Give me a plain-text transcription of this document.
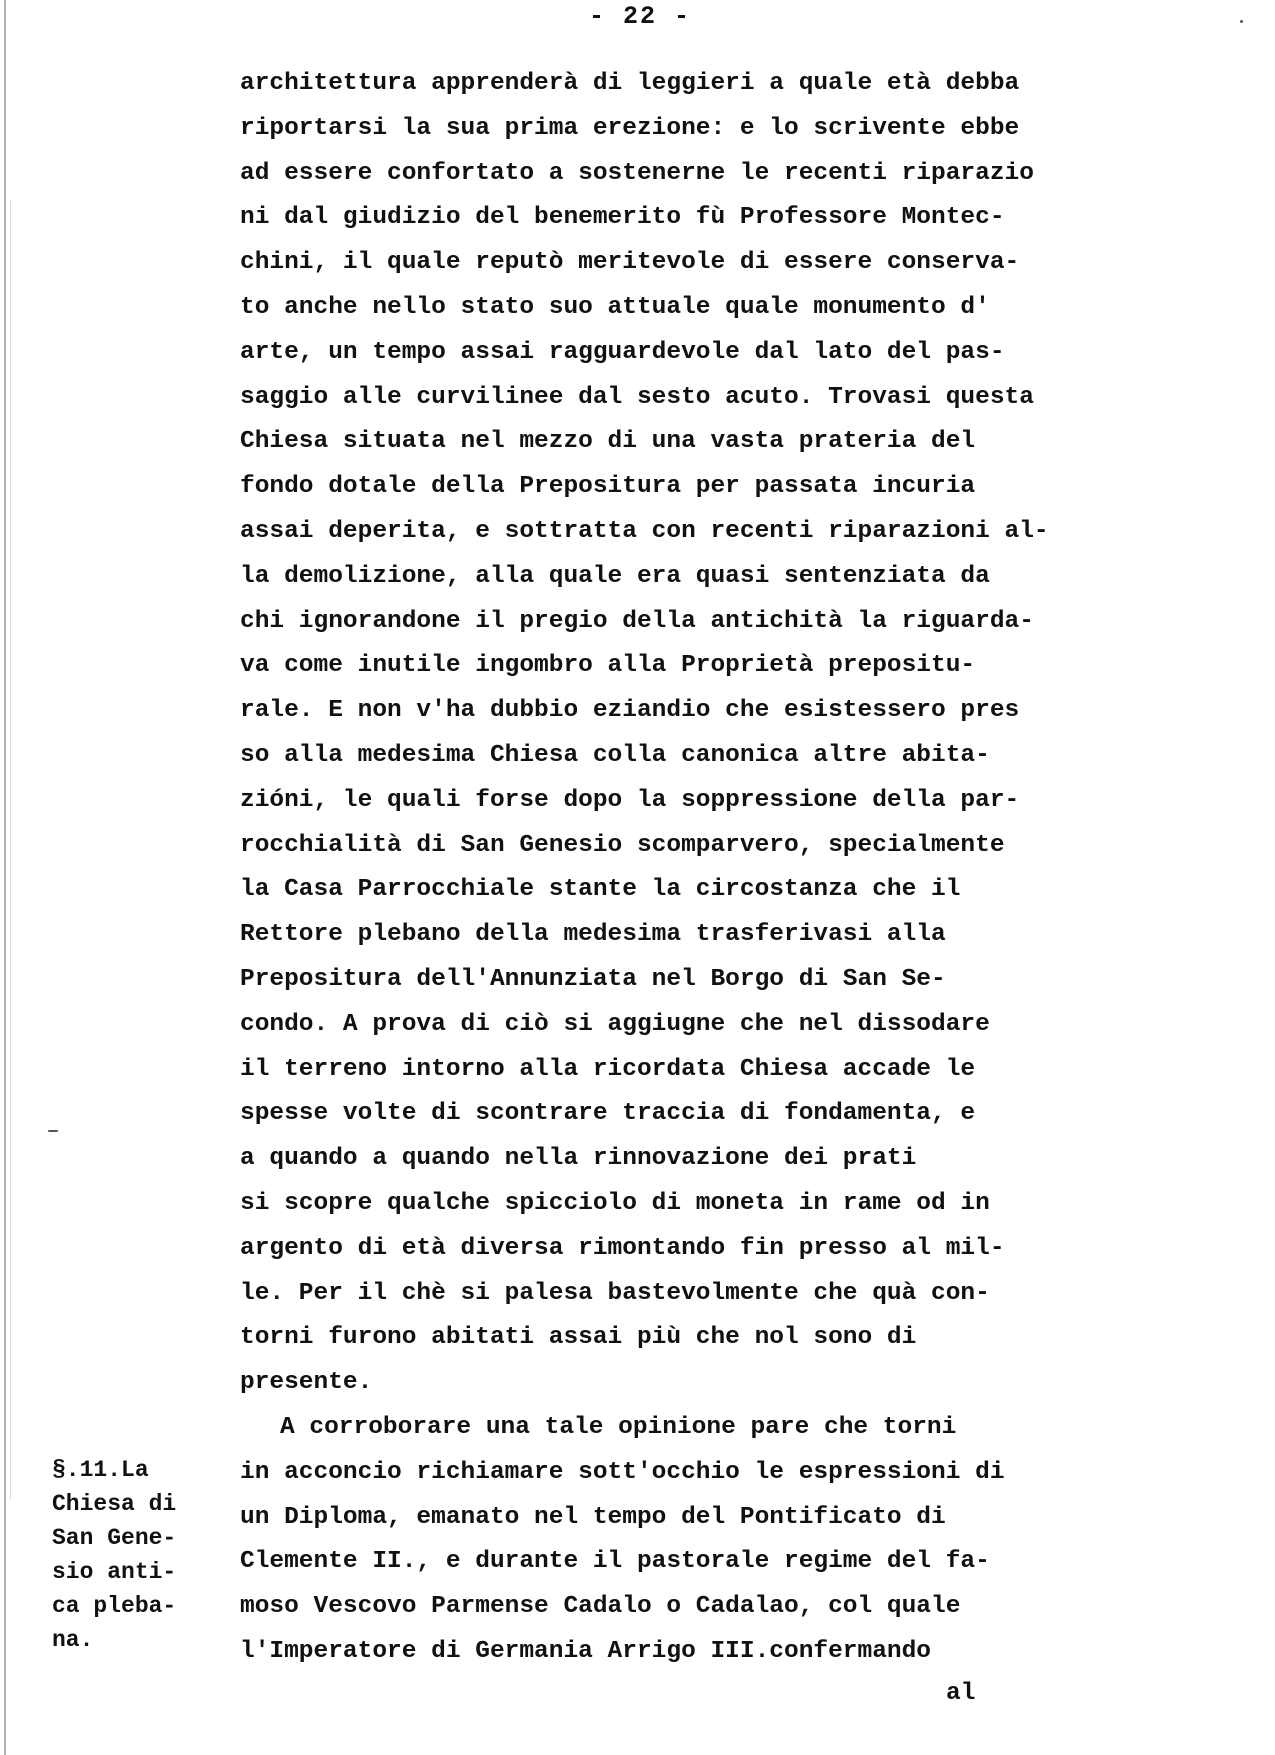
- 22 -
architettura apprenderà di leggieri a quale età debba
riportarsi la sua prima erezione: e lo scrivente ebbe
ad essere confortato a sostenerne le recenti riparazio
ni dal giudizio del benemerito fù Professore Montec-
chini, il quale reputò meritevole di essere conserva-
to anche nello stato suo attuale quale monumento d'
arte, un tempo assai ragguardevole dal lato del pas-
saggio alle curvilinee dal sesto acuto. Trovasi questa
Chiesa situata nel mezzo di una vasta prateria del
fondo dotale della Prepositura per passata incuria
assai deperita, e sottratta con recenti riparazioni al-
la demolizione, alla quale era quasi sentenziata da
chi ignorandone il pregio della antichità la riguarda-
va come inutile ingombro alla Proprietà prepositu-
rale. E non v'ha dubbio eziandio che esistessero pres
so alla medesima Chiesa colla canonica altre abita-
zióni, le quali forse dopo la soppressione della par-
rocchialità di San Genesio scomparvero, specialmente
la Casa Parrocchiale stante la circostanza che il
Rettore plebano della medesima trasferivasi alla
Prepositura dell'Annunziata nel Borgo di San Se-
condo. A prova di ciò si aggiugne che nel dissodare
il terreno intorno alla ricordata Chiesa accade le
spesse volte di scontrare traccia di fondamenta, e
a quando a quando nella rinnovazione dei prati
si scopre qualche spicciolo di moneta in rame od in
argento di età diversa rimontando fin presso al mil-
le. Per il chè si palesa bastevolmente che quà con-
torni furono abitati assai più che nol sono di
presente.
A corroborare una tale opinione pare che torni
in acconcio richiamare sott'occhio le espressioni di
un Diploma, emanato nel tempo del Pontificato di
Clemente II., e durante il pastorale regime del fa-
moso Vescovo Parmense Cadalo o Cadalao, col quale
l'Imperatore di Germania Arrigo III.confermando
al
§.11.La
Chiesa di
San Gene-
sio anti-
ca pleba-
na.
